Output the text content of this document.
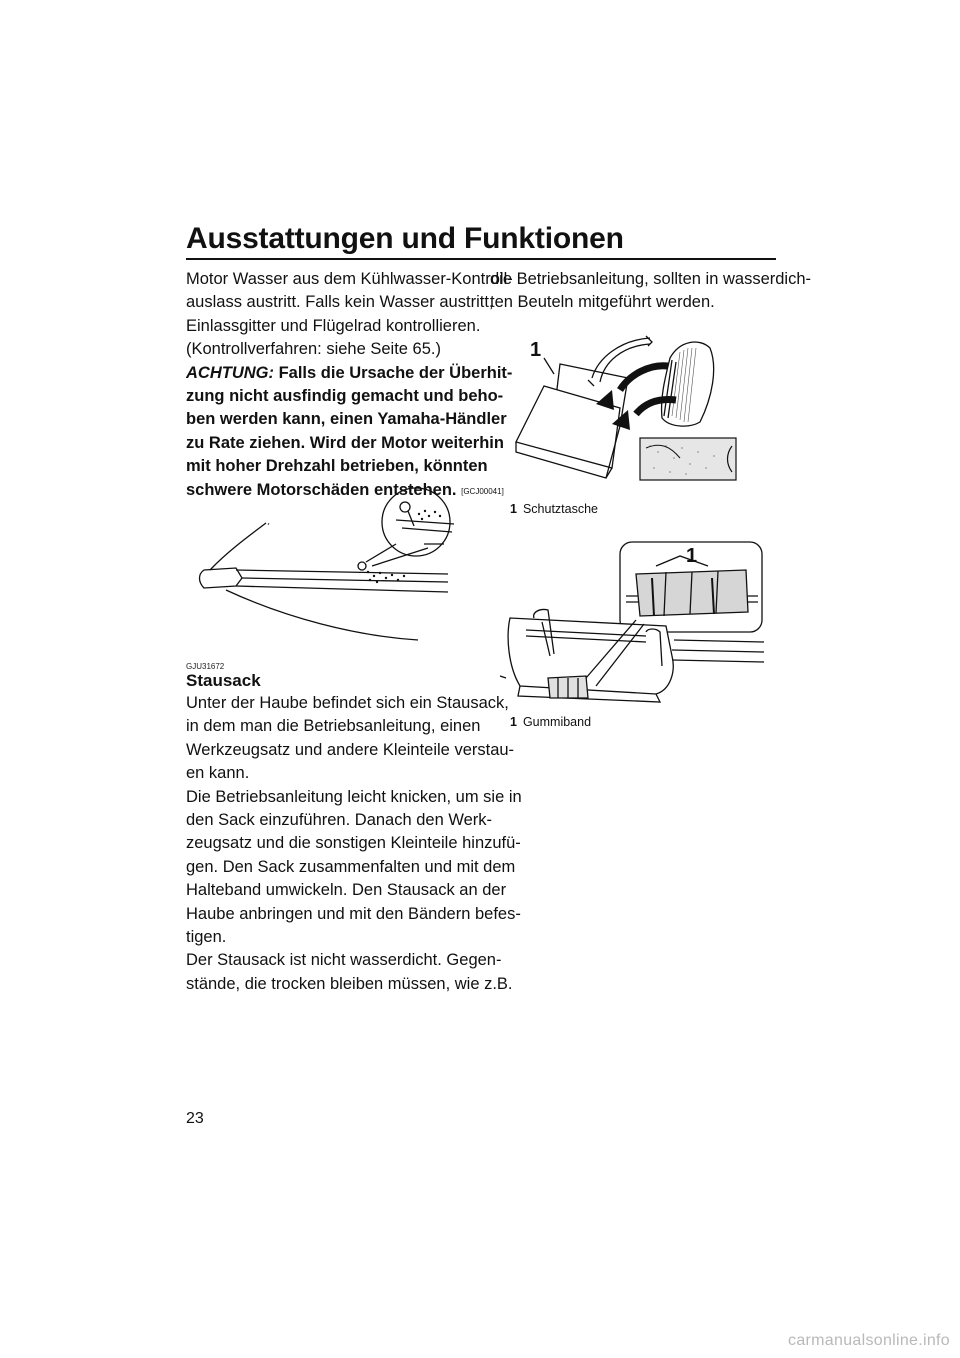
Ausstattungen und Funktionen
Motor Wasser aus dem Kühlwasser-Kontroll-
auslass austritt. Falls kein Wasser austritt,
Einlassgitter und Flügelrad kontrollieren.
(Kontrollverfahren: siehe Seite 65.)
ACHTUNG: Falls die Ursache der Überhit-
zung nicht ausfindig gemacht und beho-
ben werden kann, einen Yamaha-Händler
zu Rate ziehen. Wird der Motor weiterhin
mit hoher Drehzahl betrieben, könnten
schwere Motorschäden entstehen. [GCJ00041]
GJU31672
Stausack
Unter der Haube befindet sich ein Stausack,
in dem man die Betriebsanleitung, einen
Werkzeugsatz und andere Kleinteile verstau-
en kann.
Die Betriebsanleitung leicht knicken, um sie in
den Sack einzuführen. Danach den Werk-
zeugsatz und die sonstigen Kleinteile hinzufü-
gen. Den Sack zusammenfalten und mit dem
Halteband umwickeln. Den Stausack an der
Haube anbringen und mit den Bändern befes-
tigen.
Der Stausack ist nicht wasserdicht. Gegen-
stände, die trocken bleiben müssen, wie z.B.
die Betriebsanleitung, sollten in wasserdich-
ten Beuteln mitgeführt werden.
1
1 Schutztasche
1
1 Gummiband
23
carmanualsonline.info
